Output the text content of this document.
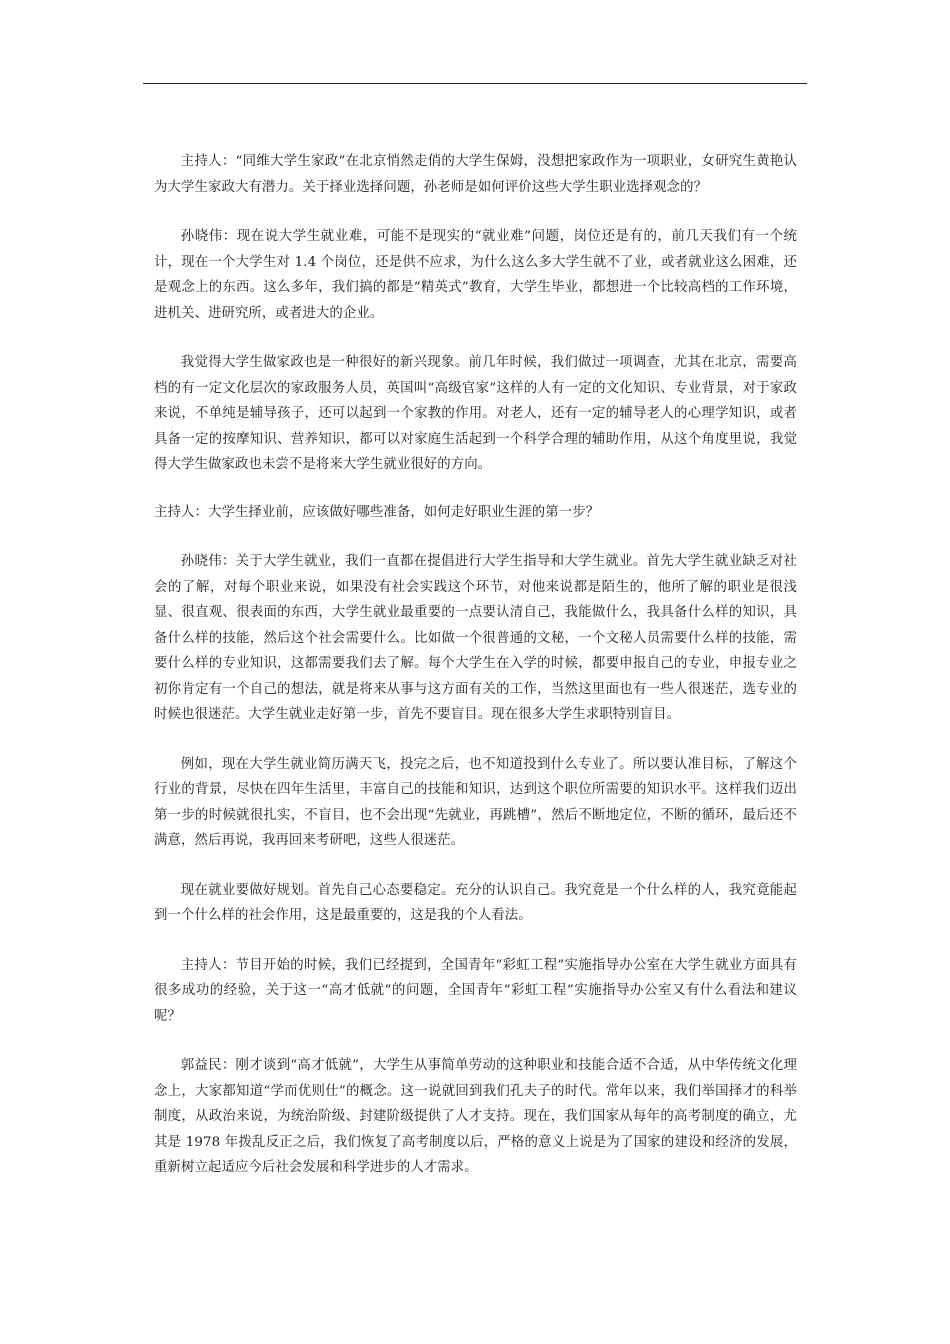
主持人：“同维大学生家政”在北京悄然走俏的大学生保姆，没想把家政作为一项职业，女研究生黄艳认为大学生家政大有潜力。关于择业选择问题，孙老师是如何评价这些大学生职业选择观念的？

孙晓伟：现在说大学生就业难，可能不是现实的“就业难”问题，岗位还是有的，前几天我们有一个统计，现在一个大学生对 1.4 个岗位，还是供不应求，为什么这么多大学生就不了业，或者就业这么困难，还是观念上的东西。这么多年，我们搞的都是“精英式”教育，大学生毕业，都想进一个比较高档的工作环境，进机关、进研究所，或者进大的企业。

我觉得大学生做家政也是一种很好的新兴现象。前几年时候，我们做过一项调查，尤其在北京，需要高档的有一定文化层次的家政服务人员，英国叫“高级官家”这样的人有一定的文化知识、专业背景，对于家政来说，不单纯是辅导孩子，还可以起到一个家教的作用。对老人，还有一定的辅导老人的心理学知识，或者具备一定的按摩知识、营养知识，都可以对家庭生活起到一个科学合理的辅助作用，从这个角度里说，我觉得大学生做家政也未尝不是将来大学生就业很好的方向。

主持人：大学生择业前，应该做好哪些准备，如何走好职业生涯的第一步？

孙晓伟：关于大学生就业，我们一直都在提倡进行大学生指导和大学生就业。首先大学生就业缺乏对社会的了解，对每个职业来说，如果没有社会实践这个环节，对他来说都是陌生的，他所了解的职业是很浅显、很直观、很表面的东西，大学生就业最重要的一点要认清自己，我能做什么，我具备什么样的知识，具备什么样的技能，然后这个社会需要什么。比如做一个很普通的文秘，一个文秘人员需要什么样的技能，需要什么样的专业知识，这都需要我们去了解。每个大学生在入学的时候，都要申报自己的专业，申报专业之初你肯定有一个自己的想法，就是将来从事与这方面有关的工作，当然这里面也有一些人很迷茫，选专业的时候也很迷茫。大学生就业走好第一步，首先不要盲目。现在很多大学生求职特别盲目。

例如，现在大学生就业简历满天飞，投完之后，也不知道投到什么专业了。所以要认准目标，了解这个行业的背景，尽快在四年生活里，丰富自己的技能和知识，达到这个职位所需要的知识水平。这样我们迈出第一步的时候就很扎实，不盲目，也不会出现“先就业，再跳槽”，然后不断地定位，不断的循环，最后还不满意，然后再说，我再回来考研吧，这些人很迷茫。

现在就业要做好规划。首先自己心态要稳定。充分的认识自己。我究竟是一个什么样的人，我究竟能起到一个什么样的社会作用，这是最重要的，这是我的个人看法。

主持人：节目开始的时候，我们已经提到，全国青年“彩虹工程”实施指导办公室在大学生就业方面具有很多成功的经验，关于这一“高才低就”的问题，全国青年“彩虹工程”实施指导办公室又有什么看法和建议呢？

郭益民：刚才谈到“高才低就”，大学生从事简单劳动的这种职业和技能合适不合适，从中华传统文化理念上，大家都知道“学而优则仕”的概念。这一说就回到我们孔夫子的时代。常年以来，我们举国择才的科举制度，从政治来说，为统治阶级、封建阶级提供了人才支持。现在，我们国家从每年的高考制度的确立，尤其是 1978 年拨乱反正之后，我们恢复了高考制度以后，严格的意义上说是为了国家的建设和经济的发展，重新树立起适应今后社会发展和科学进步的人才需求。
